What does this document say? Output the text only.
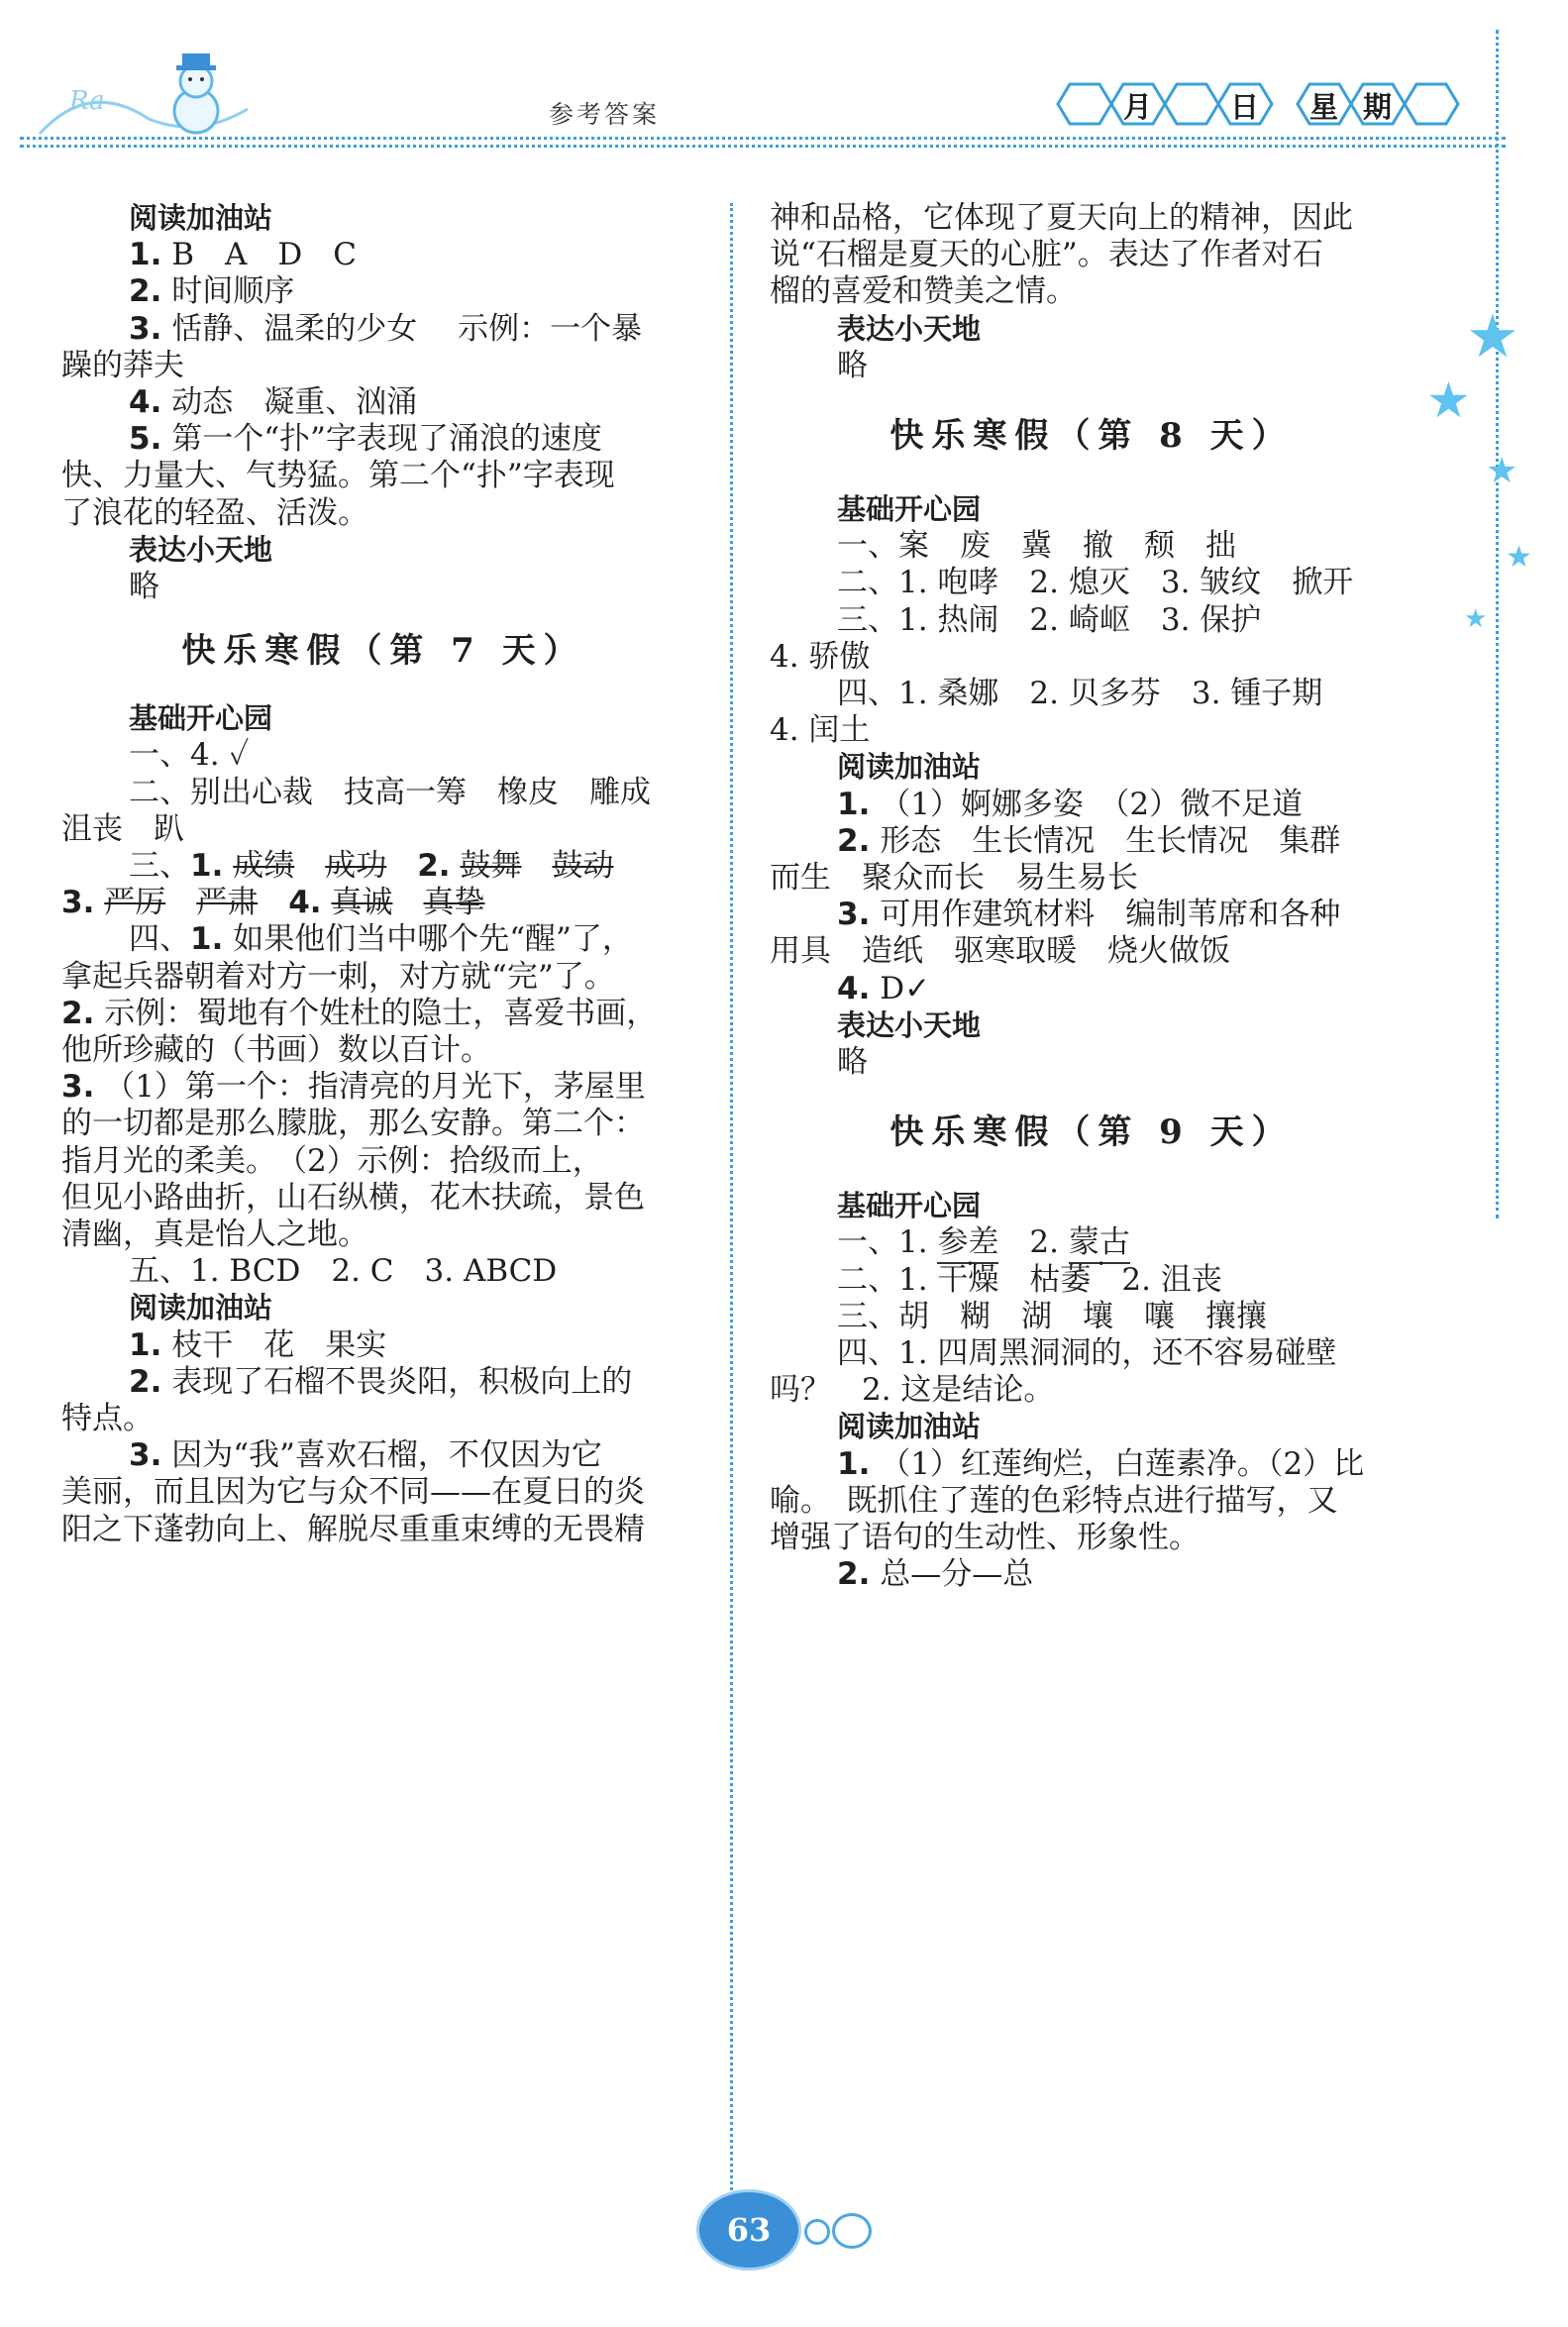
Ra	参考答案	月	日 星 期
★
★
★
★
★
阅读加油站
1. B　A　D　C
2. 时间顺序
3. 恬静、温柔的少女　 示例：一个暴
躁的莽夫
4. 动态　凝重、汹涌
5. 第一个“扑”字表现了涌浪的速度
快、力量大、气势猛。第二个“扑”字表现
了浪花的轻盈、活泼。
表达小天地
略
快乐寒假（第 7 天）
基础开心园
一、4. ✓
二、别出心裁　技高一筹　橡皮　雕成
沮丧　趴
三、1. 成绩　 成功　 2. 鼓舞　 鼓动
3. 严厉　 严肃　 4. 真诚　 真挚
四、1. 如果他们当中哪个先“醒”了，
拿起兵器朝着对方一刺，对方就“完”了。
2. 示例：蜀地有个姓杜的隐士，喜爱书画，
他所珍藏的（书画）数以百计。
3. （1）第一个：指清亮的月光下，茅屋里
的一切都是那么朦胧，那么安静。第二个：
指月光的柔美。　（2）示例：拾级而上，
但见小路曲折，山石纵横，花木扶疏，景色
清幽，真是怡人之地。
五、1. BCD　2. C　3. ABCD
阅读加油站
1. 枝干　花　果实
2. 表现了石榴不畏炎阳，积极向上的
特点。
3. 因为“我”喜欢石榴，不仅因为它
美丽，而且因为它与众不同——在夏日的炎
阳之下蓬勃向上、解脱尽重重束缚的无畏精
神和品格，它体现了夏天向上的精神，因此
说“石榴是夏天的心脏”。表达了作者对石
榴的喜爱和赞美之情。
表达小天地
略
快乐寒假（第 8 天）
基础开心园
一、案　废　冀　撤　颓　拙
二、1. 咆哮　2. 熄灭　3. 皱纹　掀开
三、1. 热闹　2. 崎岖　3. 保护
4. 骄傲
四、1. 桑娜　2. 贝多芬　3. 锺子期
4. 闰土
阅读加油站
1. （1）婀娜多姿　（2）微不足道
2. 形态　生长情况　生长情况　集群
而生　聚众而长　易生易长
3. 可用作建筑材料　编制苇席和各种
用具　造纸　驱寒取暖　烧火做饭
4. D✓
表达小天地
略
快乐寒假（第 9 天）
基础开心园
一、1. 参差　2. 蒙古
二、1. 干燥　枯萎　2. 沮丧
三、胡　糊　湖　壤　嚷　攘攘
四、1. 四周黑洞洞的，还不容易碰壁
吗？　2. 这是结论。
阅读加油站
1. （1）红莲绚烂，白莲素净。（2）比
喻。　既抓住了莲的色彩特点进行描写，又
增强了语句的生动性、形象性。
2. 总—分—总
63
